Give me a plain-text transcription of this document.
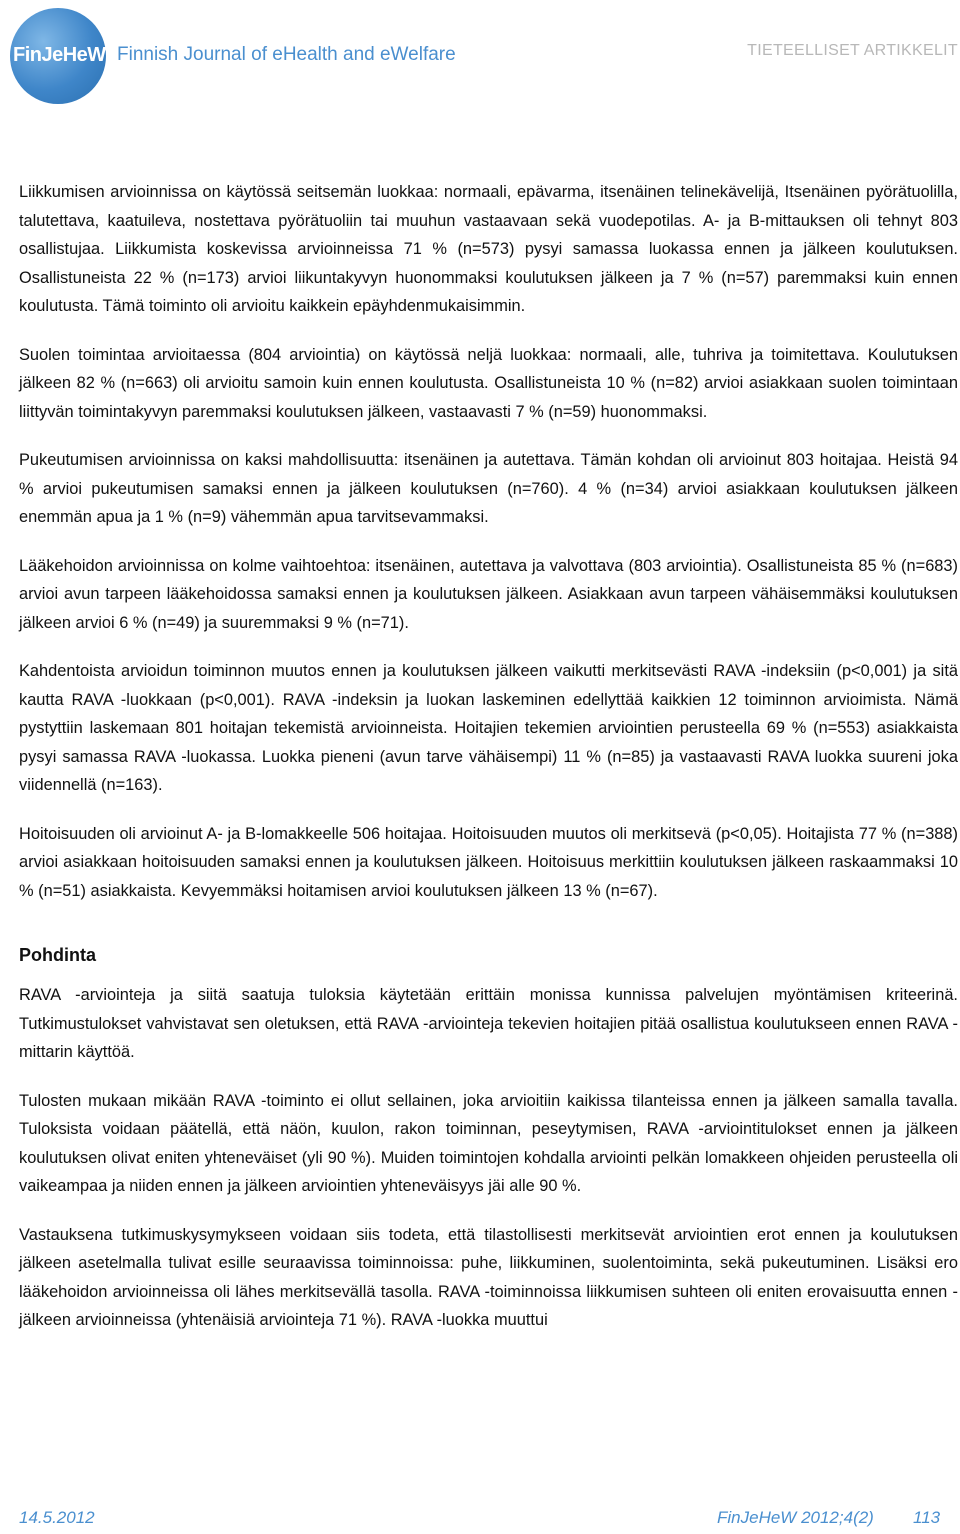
FinJeHeW Finnish Journal of eHealth and eWelfare	TIETEELLISET ARTIKKELIT

Liikkumisen arvioinnissa on käytössä seitsemän luokkaa: normaali, epävarma, itsenäinen telinekävelijä, Itsenäinen pyörätuolilla, talutettava, kaatuileva, nostettava pyörätuoliin tai muuhun vastaavaan sekä vuodepotilas. A- ja B-mittauksen oli tehnyt 803 osallistujaa. Liikkumista koskevissa arvioinneissa 71 % (n=573) pysyi samassa luokassa ennen ja jälkeen koulutuksen. Osallistuneista 22 % (n=173) arvioi liikuntakyvyn huonommaksi koulutuksen jälkeen ja 7 % (n=57) paremmaksi kuin ennen koulutusta. Tämä toiminto oli arvioitu kaikkein epäyhdenmukaisimmin.

Suolen toimintaa arvioitaessa (804 arviointia) on käytössä neljä luokkaa: normaali, alle, tuhriva ja toimitettava. Koulutuksen jälkeen 82 % (n=663) oli arvioitu samoin kuin ennen koulutusta. Osallistuneista 10 % (n=82) arvioi asiakkaan suolen toimintaan liittyvän toimintakyvyn paremmaksi koulutuksen jälkeen, vastaavasti 7 % (n=59) huonommaksi.

Pukeutumisen arvioinnissa on kaksi mahdollisuutta: itsenäinen ja autettava. Tämän kohdan oli arvioinut 803 hoitajaa. Heistä 94 % arvioi pukeutumisen samaksi ennen ja jälkeen koulutuksen (n=760). 4 % (n=34) arvioi asiakkaan koulutuksen jälkeen enemmän apua ja 1 % (n=9) vähemmän apua tarvitsevammaksi.

Lääkehoidon arvioinnissa on kolme vaihtoehtoa: itsenäinen, autettava ja valvottava (803 arviointia). Osallistuneista 85 % (n=683) arvioi avun tarpeen lääkehoidossa samaksi ennen ja koulutuksen jälkeen. Asiakkaan avun tarpeen vähäisemmäksi koulutuksen jälkeen arvioi 6 % (n=49) ja suuremmaksi 9 % (n=71).

Kahdentoista arvioidun toiminnon muutos ennen ja koulutuksen jälkeen vaikutti merkitsevästi RAVA -indeksiin (p<0,001) ja sitä kautta RAVA -luokkaan (p<0,001). RAVA -indeksin ja luokan laskeminen edellyttää kaikkien 12 toiminnon arvioimista. Nämä pystyttiin laskemaan 801 hoitajan tekemistä arvioinneista. Hoitajien tekemien arviointien perusteella 69 % (n=553) asiakkaista pysyi samassa RAVA -luokassa. Luokka pieneni (avun tarve vähäisempi) 11 % (n=85) ja vastaavasti RAVA luokka suureni joka viidennellä (n=163).

Hoitoisuuden oli arvioinut A- ja B-lomakkeelle 506 hoitajaa. Hoitoisuuden muutos oli merkitsevä (p<0,05). Hoitajista 77 % (n=388) arvioi asiakkaan hoitoisuuden samaksi ennen ja koulutuksen jälkeen. Hoitoisuus merkittiin koulutuksen jälkeen raskaammaksi 10 % (n=51) asiakkaista. Kevyemmäksi hoitamisen arvioi koulutuksen jälkeen 13 % (n=67).

Pohdinta

RAVA -arviointeja ja siitä saatuja tuloksia käytetään erittäin monissa kunnissa palvelujen myöntämisen kriteerinä. Tutkimustulokset vahvistavat sen oletuksen, että RAVA -arviointeja tekevien hoitajien pitää osallistua koulutukseen ennen RAVA -mittarin käyttöä.

Tulosten mukaan mikään RAVA -toiminto ei ollut sellainen, joka arvioitiin kaikissa tilanteissa ennen ja jälkeen samalla tavalla. Tuloksista voidaan päätellä, että näön, kuulon, rakon toiminnan, peseytymisen, RAVA -arviointitulokset ennen ja jälkeen koulutuksen olivat eniten yhteneväiset (yli 90 %). Muiden toimintojen kohdalla arviointi pelkän lomakkeen ohjeiden perusteella oli vaikeampaa ja niiden ennen ja jälkeen arviointien yhteneväisyys jäi alle 90 %.

Vastauksena tutkimuskysymykseen voidaan siis todeta, että tilastollisesti merkitsevät arviointien erot ennen ja koulutuksen jälkeen asetelmalla tulivat esille seuraavissa toiminnoissa: puhe, liikkuminen, suolentoiminta, sekä pukeutuminen. Lisäksi ero lääkehoidon arvioinneissa oli lähes merkitsevällä tasolla. RAVA -toiminnoissa liikkumisen suhteen oli eniten erovaisuutta ennen - jälkeen arvioinneissa (yhtenäisiä arviointeja 71 %). RAVA -luokka muuttui

14.5.2012	FinJeHeW 2012;4(2) 113
